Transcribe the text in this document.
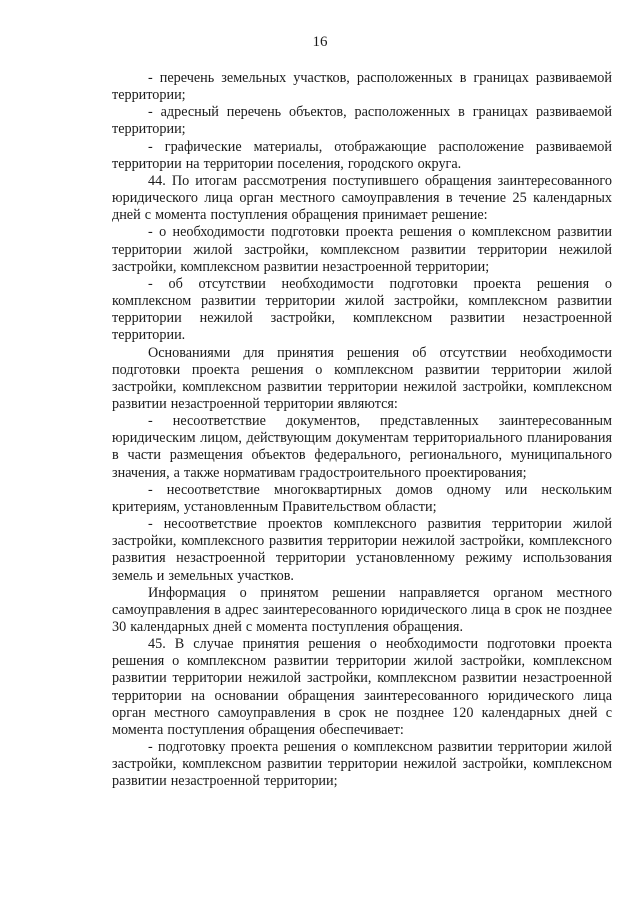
16

- перечень земельных участков, расположенных в границах развиваемой территории;

- адресный перечень объектов, расположенных в границах развиваемой территории;

- графические материалы, отображающие расположение развиваемой территории на территории поселения, городского округа.

44. По итогам рассмотрения поступившего обращения заинтересованного юридического лица орган местного самоуправления в течение 25 календарных дней с момента поступления обращения принимает решение:

- о необходимости подготовки проекта решения о комплексном развитии территории жилой застройки, комплексном развитии территории нежилой застройки, комплексном развитии незастроенной территории;

- об отсутствии необходимости подготовки проекта решения о комплексном развитии территории жилой застройки, комплексном развитии территории нежилой застройки, комплексном развитии незастроенной территории.

Основаниями для принятия решения об отсутствии необходимости подготовки проекта решения о комплексном развитии территории жилой застройки, комплексном развитии территории нежилой застройки, комплексном развитии незастроенной территории являются:

- несоответствие документов, представленных заинтересованным юридическим лицом, действующим документам территориального планирования в части размещения объектов федерального, регионального, муниципального значения, а также нормативам градостроительного проектирования;

- несоответствие многоквартирных домов одному или нескольким критериям, установленным Правительством области;

- несоответствие проектов комплексного развития территории жилой застройки, комплексного развития территории нежилой застройки, комплексного развития незастроенной территории установленному режиму использования земель и земельных участков.

Информация о принятом решении направляется органом местного самоуправления в адрес заинтересованного юридического лица в срок не позднее 30 календарных дней с момента поступления обращения.

45. В случае принятия решения о необходимости подготовки проекта решения о комплексном развитии территории жилой застройки, комплексном развитии территории нежилой застройки, комплексном развитии незастроенной территории на основании обращения заинтересованного юридического лица орган местного самоуправления в срок не позднее 120 календарных дней с момента поступления обращения обеспечивает:

- подготовку проекта решения о комплексном развитии территории жилой застройки, комплексном развитии территории нежилой застройки, комплексном развитии незастроенной территории;
